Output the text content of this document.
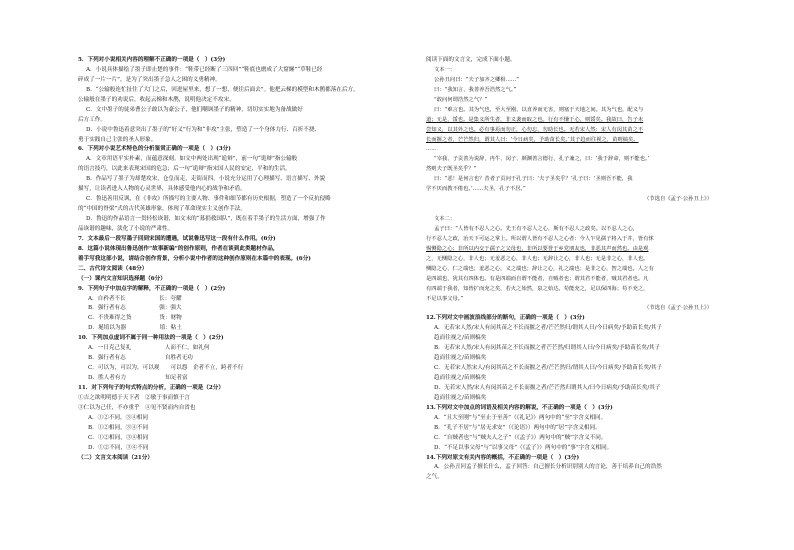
5．下列对小说相关内容的理解不正确的一项是（　）(3分)
A．小说具体描绘了墨子即止楚的事件：“鞋带已经断了三四回”“鞋底也磨成了大窟窿”“草鞋已经
碎成了一片一片”，是为了突出墨子急人之困的义勇精神。
B．“公输般连忙扯住了大门之后，回进屋里来，想了一想，便往后面去”。他把云梯的模型和木鹊都落在后方，
公输般在墨子的劝说后，收起云梯和木鹊，说明他决定不攻宋。
C．文中墨子的徒弟曹公子敢以为豪公子，他们嘲讽墨子的精神，切切实实地为备战做好
后方工作。
D．小说中鲁迅着意突出了墨子的“好义”行为和“非攻”主张，塑造了一个身体力行、百折不挠、
勇于实践自己主张的圣人形象。
6．下列对小说艺术特色的分析鉴赏正确的一项是（　）(3分)
A．文章用语平实朴素，而蕴意深刻。如文中两处出现“诡辩”，前一句“诡辩”指公输般
的语言技巧，以此来表现宋国的危急；后一句“诡辩”指宋国人民的安定、平和的生活。
B．作品写了墨子为却楚攻宋，仓皇而走，走街而四，小说充分运用了心理描写、语言描写、外貌
描写，让读者进入人物的心灵世界，具体感受他内心的战争和矛盾。
C．鲁迅善用反讽，在《非攻》所描写的主要人物、事件和细节都有历史根据，塑造了一个反抗侵略
的“中国的脊梁”式的古代英雄形象，体现了革命现实主义创作手法。
D．鲁迅的作品语言一贯轻松诙谐，如文末的“募捐救国队”，既在着手墨子的生活方面，增强了作
品诙谐的趣味，淡化了小说的严肃性。
7．文本最后一段写墨子回到宋国的遭遇，试说鲁迅写这一段有什么作用。(6分)
8．这篇小说体现出鲁迅创作“故事新编”的创作原则，作者在谈到此类题材作品，
着手写我这部小说，请结合创作背景，分析小说中作者的这种创作原则在本篇中的表现。(6分)
二、古代诗文阅读（48分）
（一）课内文言知识选择题（6分）
9．下列句子中加点字的解释，不正确的一项是（　）(2分)
A．自矜者不长　　　　　　长：夸耀
B．强行者有志　　　　　　强：强大
C．不贵难得之货　　　　　货：财物
D．埏埴以为器　　　　　　埴：粘土
10．下列加点虚词不属于同一种用法的一项是（　）(2分)
A．一日克己复礼　　　　　　人而不仁，如礼何
B．强行者有志　　　　　　　自胜者无功
C．可以为，可以为，可以观　　可以怨　企者不立，跨者不行
D．胜人者有力　　　　　　　知足者富
11．对下列句子的句式特点的分析，正确的一项是（2分）
①吉之欲明明德于天下者　②敏于事而慎于言
③仁以为己任，不亦重乎　④见不贤而内自省也
A．①②不同，③④相同
B．①②相同，③④不同
C．①②相同，③④相同
D．①②不同，③④不同
（二）文言文本阅读（21分）
阅读下面的文言文，完成下面小题。
文本一：
公孙丑问曰：“夫子加齐之卿相……”
曰：“我知言，我善养吾浩然之气。”
“敢问何谓浩然之气？”
曰：“难言也。其为气也，至大至刚，以直养而无害，则塞于天地之间。其为气也，配义与
道；无是，馁也。是集义所生者，非义袭而取之也。行有不慊于心，则馁矣。我故曰，告子未
尝知义，以其外之也。必有事焉而勿正，心勿忘，勿助长也。无若宋人然：宋人有闵其苗之不
长而揠之者，芒芒然归，谓其人曰：‘今日病矣，予助苗长矣。’其子趋而往视之，苗则槁矣。
……
“宰我、子贡善为说辞，冉牛、闵子、颜渊善言德行，孔子兼之，曰：‘我于辞命，则不能也。’
然则夫子既圣矣乎？”
曰：“恶！是何言也？昔者子贡问于孔子曰：‘夫子圣矣乎？’孔子曰：‘圣则吾不能，我
学不厌而教不倦也。’……夫圣，孔子不居。”
（节选自《孟子·公孙丑上》）
文本二：
孟子曰：“人皆有不忍人之心。先王有不忍人之心，斯有不忍人之政矣。以不忍人之心，
行不忍人之政，治天下可运之掌上。所以谓人皆有不忍人之心者：今人乍见孺子将入于井，皆有怵
惕恻隐之心；非所以内交于孺子之父母也，非所以要誉于乡党朋友也，非恶其声而然也。由是观
之，无恻隐之心，非人也；无羞恶之心，非人也；无辞让之心，非人也；无是非之心，非人也。
恻隐之心，仁之端也；羞恶之心，义之端也；辞让之心，礼之端也；是非之心，智之端也。人之有
是四端也，犹其有四体也。有是四端而自谓不能者，自贼者也；谓其君不能者，贼其君者也。凡
有四端于我者，知皆扩而充之矣，若火之始然，泉之始达。苟能充之，足以保四海；苟不充之，
不足以事父母。”
（节选自《孟子·公孙丑上》）
12.下列对文中画波浪线部分的断句，正确的一项是（　）(3分)
A．无若宋人然/宋人有闵其苗之不长而揠之者/芒芒然归/谓其人曰/今日病矣/予助苗长矣/其子
趋而往视之/苗则槁矣
B．无若宋人然/宋人有闵其苗之不长而揠之者芒芒然/归谓其人曰/今日病矣/予助苗长矣/其子
趋而往视之/苗则槁矣
C．无若宋人然宋人/有闵其苗之不长而揠之者/芒芒然归/谓其人曰/今日病矣/予助苗长矣/其子
趋而往视之/苗则槁矣
D．无若宋人然/宋人有闵其苗之不长而揠之者/芒芒然归谓其人/曰今日病矣/予助苗长矣/其子
趋而往视之/苗则槁矣
13.下列对文中加点的词语及相关内容的解说，不正确的一项是（　）(3分)
A．“且大至刚”与“至止于至善”（《礼记》）两句中的“至”字含义相同。
B．“孔子不居”与“居无求安”（《论语》）两句中的“居”字含义相同。
C．“自贼者也”与“贼夫人之子”（《孟子》）两句中的“贼”字含义不同。
D．“不足以事父母”与“以事父母”（《孟子》）两句中的“事”字含义相同。
14.下列对原文有关内容的概括，不正确的一项是（　）(3分)
A．公孙丑问孟子擅长什么，孟子回答：自己擅长分析识别别人的言论，善于培养自己的浩然
之气。
